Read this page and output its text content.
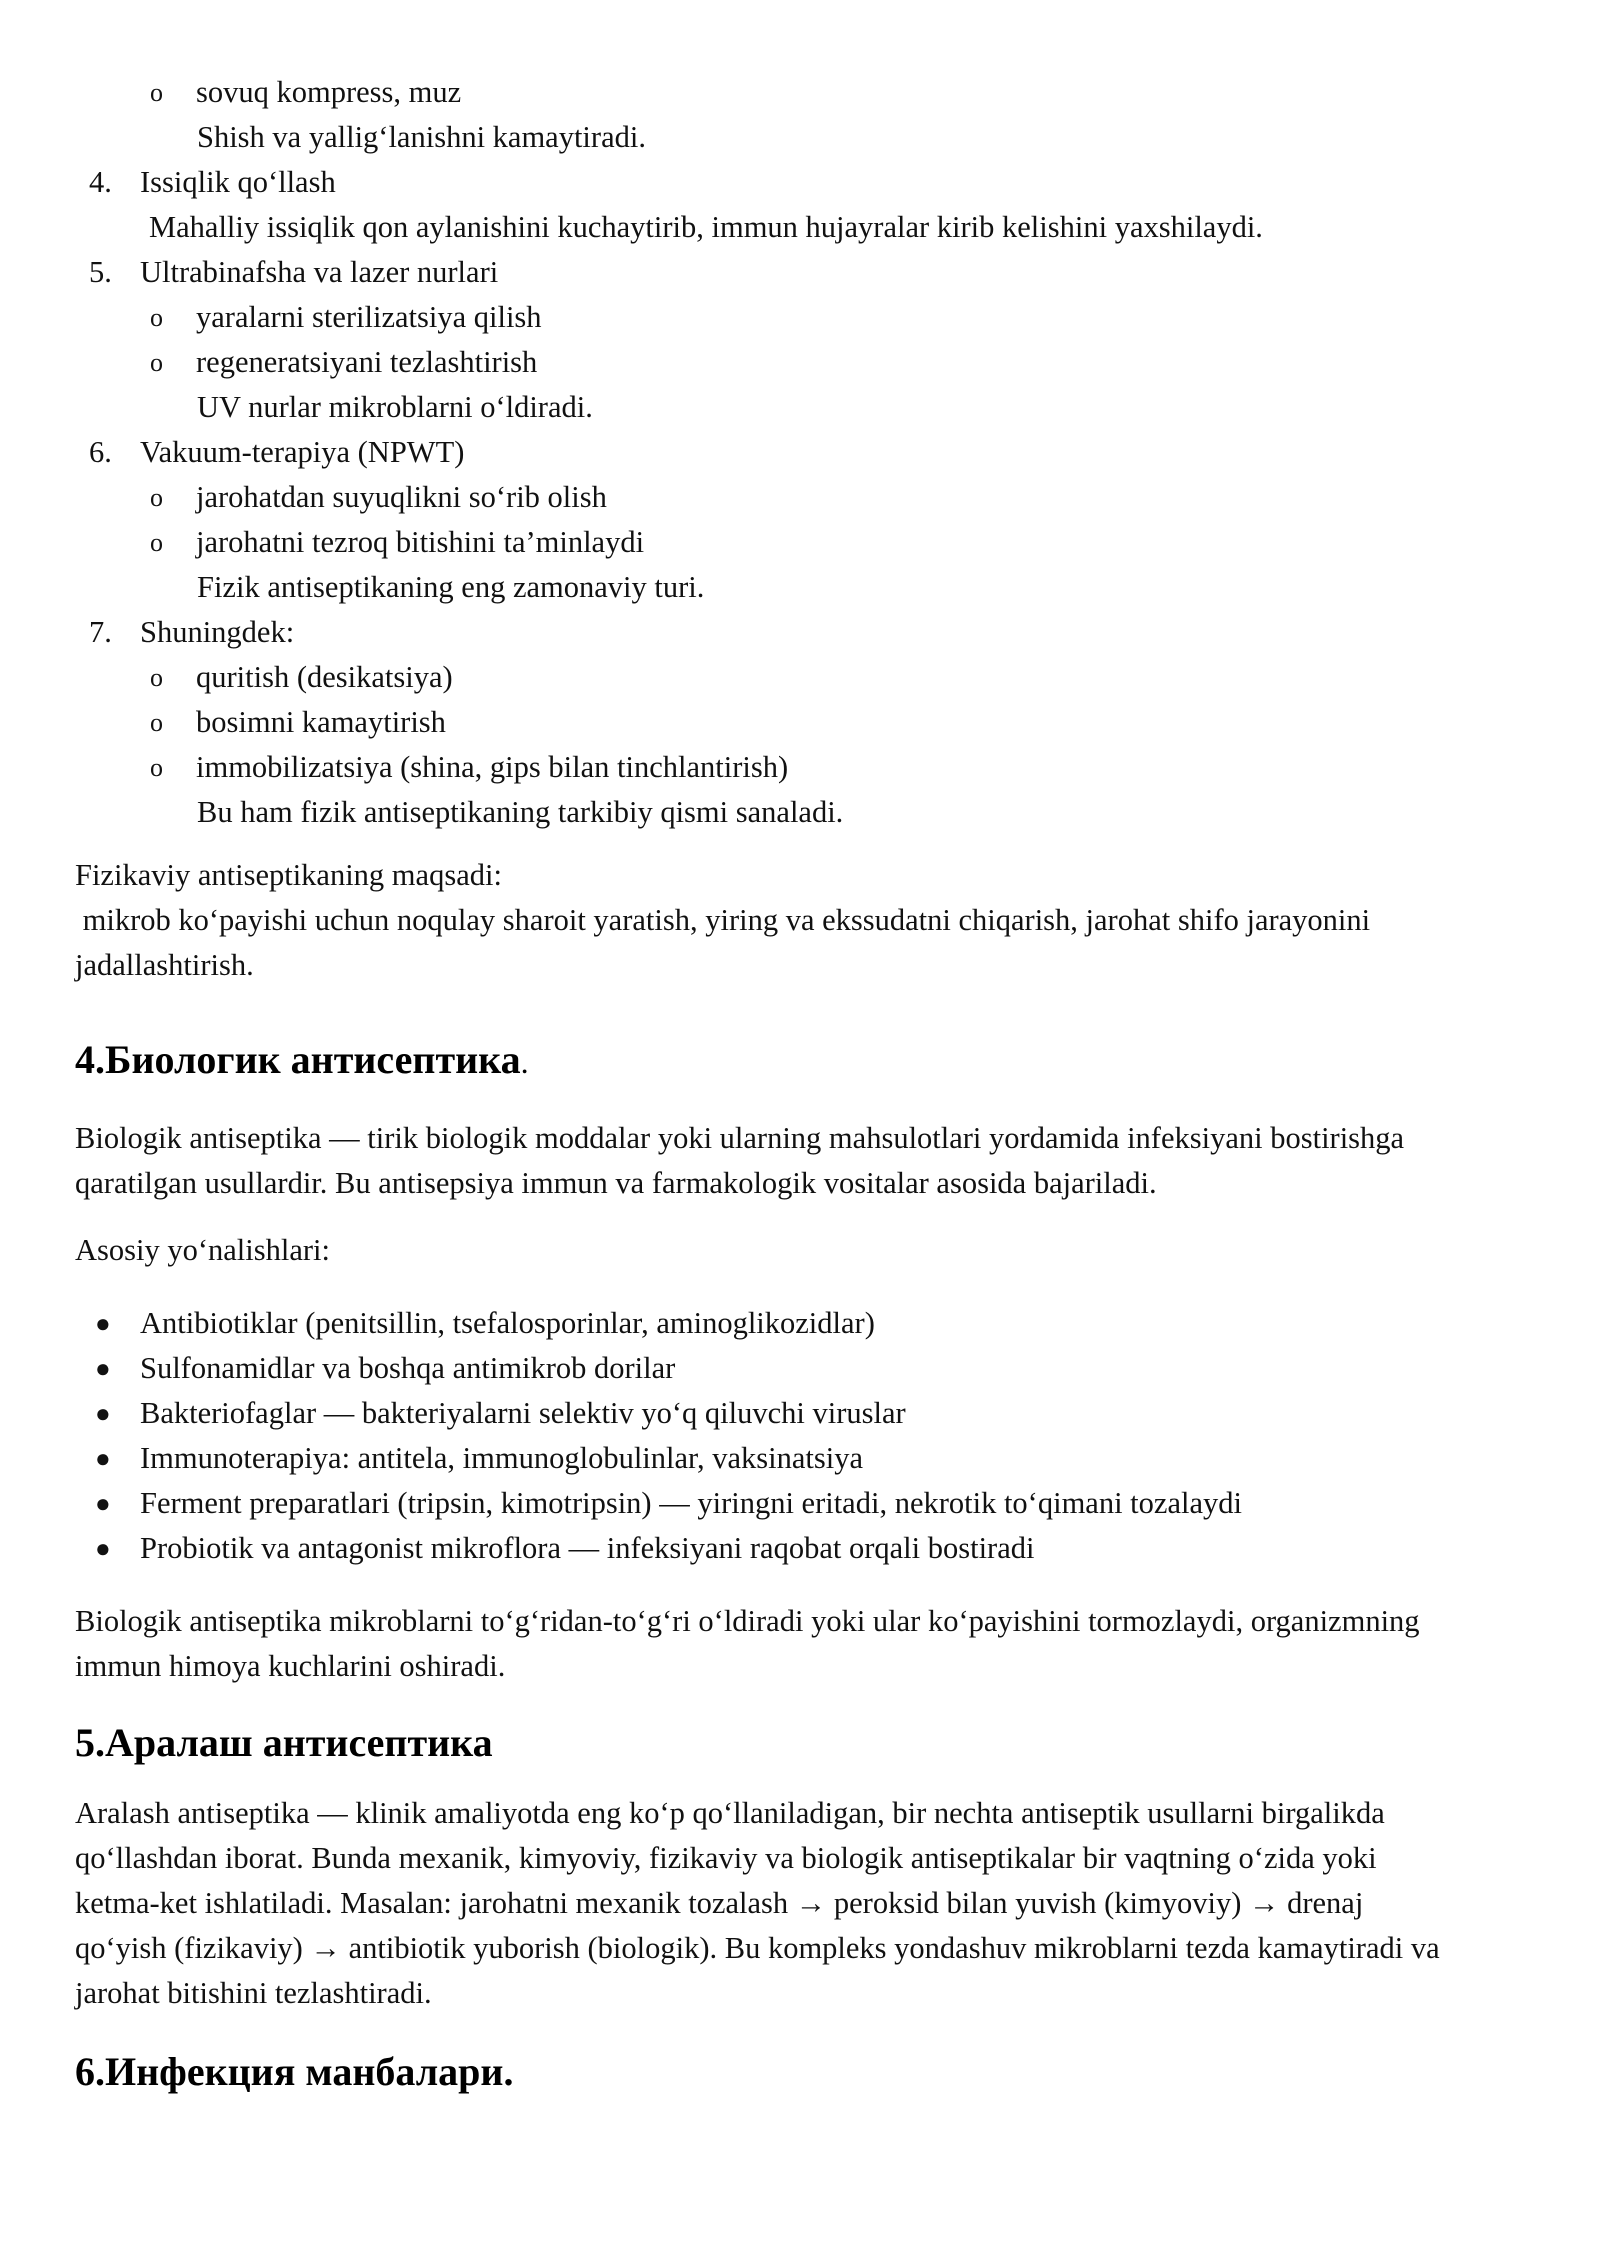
o	sovuq kompress, muz
Shish va yallig‘lanishni kamaytiradi.
4. Issiqlik qo‘llash
Mahalliy issiqlik qon aylanishini kuchaytirib, immun hujayralar kirib kelishini yaxshilaydi.
5. Ultrabinafsha va lazer nurlari
o	yaralarni sterilizatsiya qilish
o	regeneratsiyani tezlashtirish
UV nurlar mikroblarni o‘ldiradi.
6. Vakuum-terapiya (NPWT)
o	jarohatdan suyuqlikni so‘rib olish
o	jarohatni tezroq bitishini ta’minlaydi
Fizik antiseptikaning eng zamonaviy turi.
7. Shuningdek:
o	quritish (desikatsiya)
o	bosimni kamaytirish
o	immobilizatsiya (shina, gips bilan tinchlantirish)
Bu ham fizik antiseptikaning tarkibiy qismi sanaladi.
Fizikaviy antiseptikaning maqsadi:
mikrob ko‘payishi uchun noqulay sharoit yaratish, yiring va ekssudatni chiqarish, jarohat shifo jarayonini
jadallashtirish.
4.Биологик антисептика.
Biologik antiseptika — tirik biologik moddalar yoki ularning mahsulotlari yordamida infeksiyani bostirishga
qaratilgan usullardir. Bu antisepsiya immun va farmakologik vositalar asosida bajariladi.
Asosiy yo‘nalishlari:
● Antibiotiklar (penitsillin, tsefalosporinlar, aminoglikozidlar)
● Sulfonamidlar va boshqa antimikrob dorilar
● Bakteriofaglar — bakteriyalarni selektiv yo‘q qiluvchi viruslar
● Immunoterapiya: antitela, immunoglobulinlar, vaksinatsiya
● Ferment preparatlari (tripsin, kimotripsin) — yiringni eritadi, nekrotik to‘qimani tozalaydi
● Probiotik va antagonist mikroflora — infeksiyani raqobat orqali bostiradi
Biologik antiseptika mikroblarni to‘g‘ridan-to‘g‘ri o‘ldiradi yoki ular ko‘payishini tormozlaydi, organizmning
immun himoya kuchlarini oshiradi.
5.Аралаш антисептика
Aralash antiseptika — klinik amaliyotda eng ko‘p qo‘llaniladigan, bir nechta antiseptik usullarni birgalikda
qo‘llashdan iborat. Bunda mexanik, kimyoviy, fizikaviy va biologik antiseptikalar bir vaqtning o‘zida yoki
ketma-ket ishlatiladi. Masalan: jarohatni mexanik tozalash → peroksid bilan yuvish (kimyoviy) → drenaj
qo‘yish (fizikaviy) → antibiotik yuborish (biologik). Bu kompleks yondashuv mikroblarni tezda kamaytiradi va
jarohat bitishini tezlashtiradi.
6.Инфекция манбалари.
